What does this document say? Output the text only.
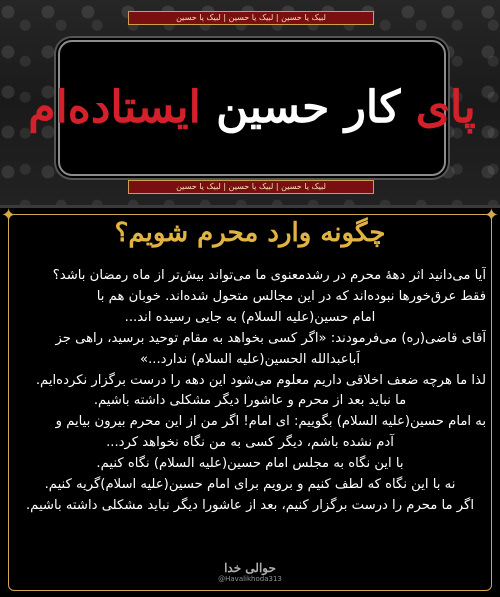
لبیک یا حسین | لبیک یا حسین | لبیک یا حسین
پای کار حسین ایستاده‌ام
لبیک یا حسین | لبیک یا حسین | لبیک یا حسین
✦	✦
چگونه وارد محرم شویم؟
آیا می‌دانید اثر دههٔ محرم در رشدمعنوی ما می‌تواند بیش‌تر از ماه رمضان باشد؟
فقط عرق‌خورها نبوده‌اند که در این مجالس متحول شده‌اند. خوبان هم با
امام حسین(علیه السلام) به جایی رسیده اند...
آقای قاضی(ره) می‌فرمودند: «اگر کسی بخواهد به مقام توحید برسید، راهی جز
اَباعبدالله الحسین(علیه السلام) ندارد...»
لذا ما هرچه ضعف اخلاقی داریم معلوم می‌شود این دهه را درست برگزار نکرده‌ایم.
ما نباید بعد از محرم و عاشورا دیگر مشکلی داشته باشیم.
به امام حسین(علیه السلام) بگوییم: ای امام! اگر من از این محرم بیرون بیایم و
آدم نشده باشم، دیگر کسی به من نگاه نخواهد کرد...
با این نگاه به مجلس امام حسین(علیه السلام) نگاه کنیم.
نه با این نگاه که لطف کنیم و برویم برای امام حسین(علیه اسلام)گریه کنیم.
اگر ما محرم را درست برگزار کنیم، بعد از عاشورا دیگر نباید مشکلی داشته باشیم.
حوالی خدا
@Havalikhoda313
